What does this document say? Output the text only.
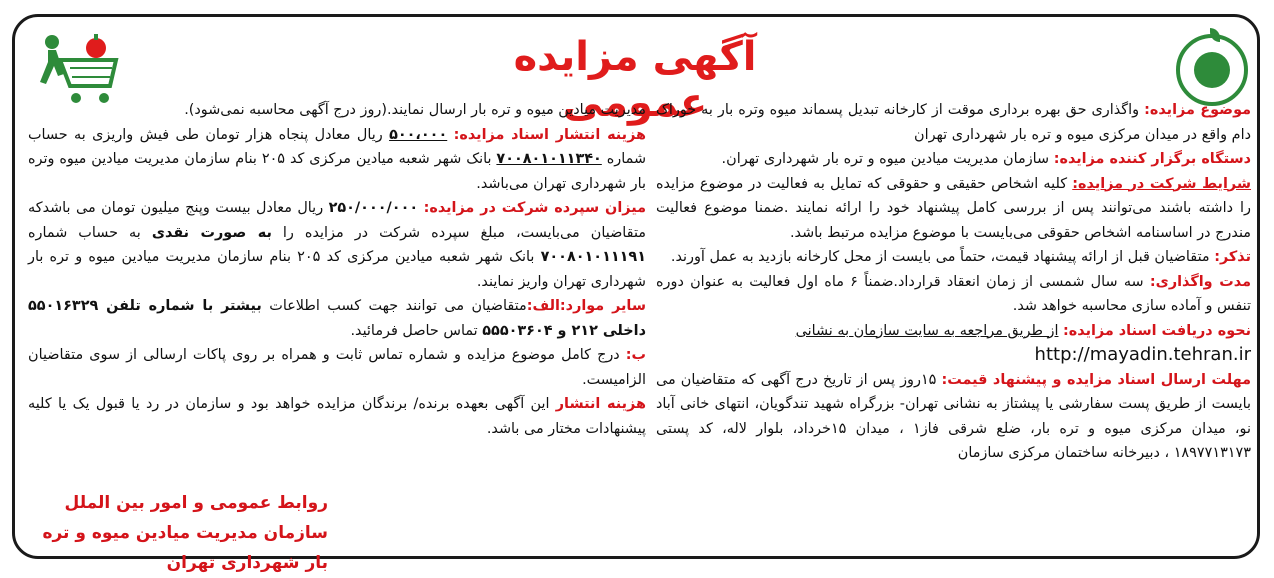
آگهی مزایده عمومی	موضوع مزایده: واگذاری حق بهره برداری موقت از کارخانه تبدیل پسماند میوه وتره بار به خوراک دام واقع در میدان مرکزی میوه و تره بار شهرداری تهران
دستگاه برگزار کننده مزایده: سازمان مدیریت میادین میوه و تره بار شهرداری تهران.
شرایط شرکت در مزایده: کلیه اشخاص حقیقی و حقوقی که تمایل به فعالیت در موضوع مزایده را داشته باشند می‌توانند پس از بررسی کامل پیشنهاد خود را ارائه نمایند .ضمنا موضوع فعالیت مندرج در اساسنامه اشخاص حقوقی می‌بایست با موضوع مزایده مرتبط باشد.
تذکر: متقاضیان قبل از ارائه پیشنهاد قیمت، حتماً می بایست از محل کارخانه بازدید به عمل آورند.
مدت واگذاری: سه سال شمسی از زمان انعقاد قرارداد.ضمناً ۶ ماه اول فعالیت به عنوان دوره تنفس و آماده سازی محاسبه خواهد شد.
نحوه دریافت اسناد مزایده: از طریق مراجعه به سایت سازمان به نشانی
http://mayadin.tehran.ir
مهلت ارسال اسناد مزایده و پیشنهاد قیمت: ۱۵روز پس از تاریخ درج آگهی که متقاضیان می بایست از طریق پست سفارشی یا پیشتاز به نشانی تهران- بزرگراه شهید تندگویان، انتهای خانی آباد نو، میدان مرکزی میوه و تره بار، ضلع شرقی فاز۱ ، میدان ۱۵خرداد، بلوار لاله، کد پستی ۱۸۹۷۷۱۳۱۷۳ ، دبیرخانه ساختمان مرکزی سازمان
مدیریت میادین میوه و تره بار ارسال نمایند.(روز درج آگهی محاسبه نمی‌شود).
هزینه انتشار اسناد مزایده: ۵۰۰،۰۰۰ ریال معادل پنجاه هزار تومان طی فیش واریزی به حساب شماره ۷۰۰۸۰۱۰۱۱۳۴۰ بانک شهر شعبه میادین مرکزی کد ۲۰۵ بنام سازمان مدیریت میادین میوه وتره بار شهرداری تهران می‌باشد.
میزان سپرده شرکت در مزایده: ۲۵۰/۰۰۰/۰۰۰ ریال معادل بیست وپنج میلیون تومان می باشدکه متقاضیان می‌بایست، مبلغ سپرده شرکت در مزایده را به صورت نقدی به حساب شماره ۷۰۰۸۰۱۰۱۱۱۹۱ بانک شهر شعبه میادین مرکزی کد ۲۰۵ بنام سازمان مدیریت میادین میوه و تره بار شهرداری تهران واریز نمایند.
سایر موارد:الف:متقاضیان می توانند جهت کسب اطلاعات بیشتر با شماره تلفن ۵۵۰۱۶۳۲۹ داخلی ۲۱۲ و ۵۵۵۰۳۶۰۴ تماس حاصل فرمائید.
ب: درج کامل موضوع مزایده و شماره تماس ثابت و همراه بر روی پاکات ارسالی از سوی متقاضیان الزامیست.
هزینه انتشار این آگهی بعهده برنده/ برندگان مزایده خواهد بود و سازمان در رد یا قبول یک یا کلیه پیشنهادات مختار می باشد.
روابط عمومی و امور بین الملل
سازمان مدیریت میادین میوه و تره بار شهرداری تهران
